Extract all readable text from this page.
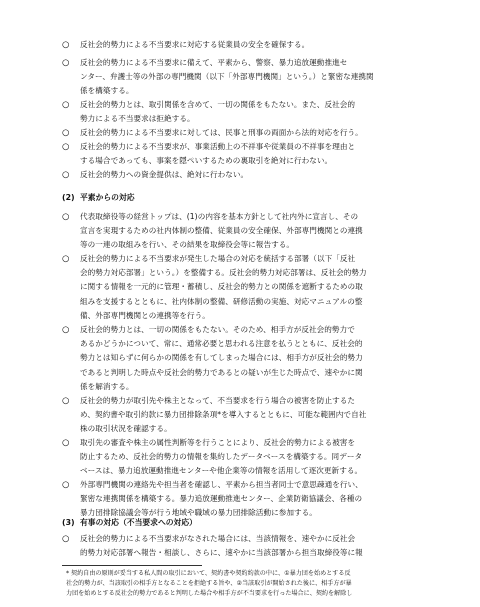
○ 反社会的勢力による不当要求に対応する従業員の安全を確保する。
○ 反社会的勢力による不当要求に備えて、平素から、警察、暴力追放運動推進セ
ンター、弁護士等の外部の専門機関（以下「外部専門機関」という。）と緊密な連携関
係を構築する。
○ 反社会的勢力とは、取引関係を含めて、一切の関係をもたない。また、反社会的
勢力による不当要求は拒絶する。
○ 反社会的勢力による不当要求に対しては、民事と刑事の両面から法的対応を行う。
○ 反社会的勢力による不当要求が、事業活動上の不祥事や従業員の不祥事を理由と
する場合であっても、事案を隠ぺいするための裏取引を絶対に行わない。
○ 反社会的勢力への資金提供は、絶対に行わない。
(2) 平素からの対応
○ 代表取締役等の経営トップは、(1)の内容を基本方針として社内外に宣言し、その
宣言を実現するための社内体制の整備、従業員の安全確保、外部専門機関との連携
等の一連の取組みを行い、その結果を取締役会等に報告する。
○ 反社会的勢力による不当要求が発生した場合の対応を統括する部署（以下「反社
会的勢力対応部署」という。）を整備する。反社会的勢力対応部署は、反社会的勢力
に関する情報を一元的に管理・蓄積し、反社会的勢力との関係を遮断するための取
組みを支援するとともに、社内体制の整備、研修活動の実施、対応マニュアルの整
備、外部専門機関との連携等を行う。
○ 反社会的勢力とは、一切の関係をもたない。そのため、相手方が反社会的勢力で
あるかどうかについて、常に、通常必要と思われる注意を払うとともに、反社会的
勢力とは知らずに何らかの関係を有してしまった場合には、相手方が反社会的勢力
であると判明した時点や反社会的勢力であるとの疑いが生じた時点で、速やかに関
係を解消する。
○ 反社会的勢力が取引先や株主となって、不当要求を行う場合の被害を防止するた
め、契約書や取引約款に暴力団排除条項*を導入するとともに、可能な範囲内で自社
株の取引状況を確認する。
○ 取引先の審査や株主の属性判断等を行うことにより、反社会的勢力による被害を
防止するため、反社会的勢力の情報を集約したデータベースを構築する。同データ
ベースは、暴力追放運動推進センターや他企業等の情報を活用して逐次更新する。
○ 外部専門機関の連絡先や担当者を確認し、平素から担当者同士で意思疎通を行い、
緊密な連携関係を構築する。暴力追放運動推進センター、企業防衛協議会、各種の
暴力団排除協議会等が行う地域や職域の暴力団排除活動に参加する。
(3) 有事の対応（不当要求への対応）
○ 反社会的勢力による不当要求がなされた場合には、当該情報を、速やかに反社会
的勢力対応部署へ報告・相談し、さらに、速やかに当該部署から担当取締役等に報
* 契約自由の原則が妥当する私人間の取引において、契約書や契約約款の中に、①暴力団を始めとする反
社会的勢力が、当該取引の相手方となることを拒絶する旨や、②当該取引が開始された後に、相手方が暴
力団を始めとする反社会的勢力であると判明した場合や相手方が不当要求を行った場合に、契約を解除し
